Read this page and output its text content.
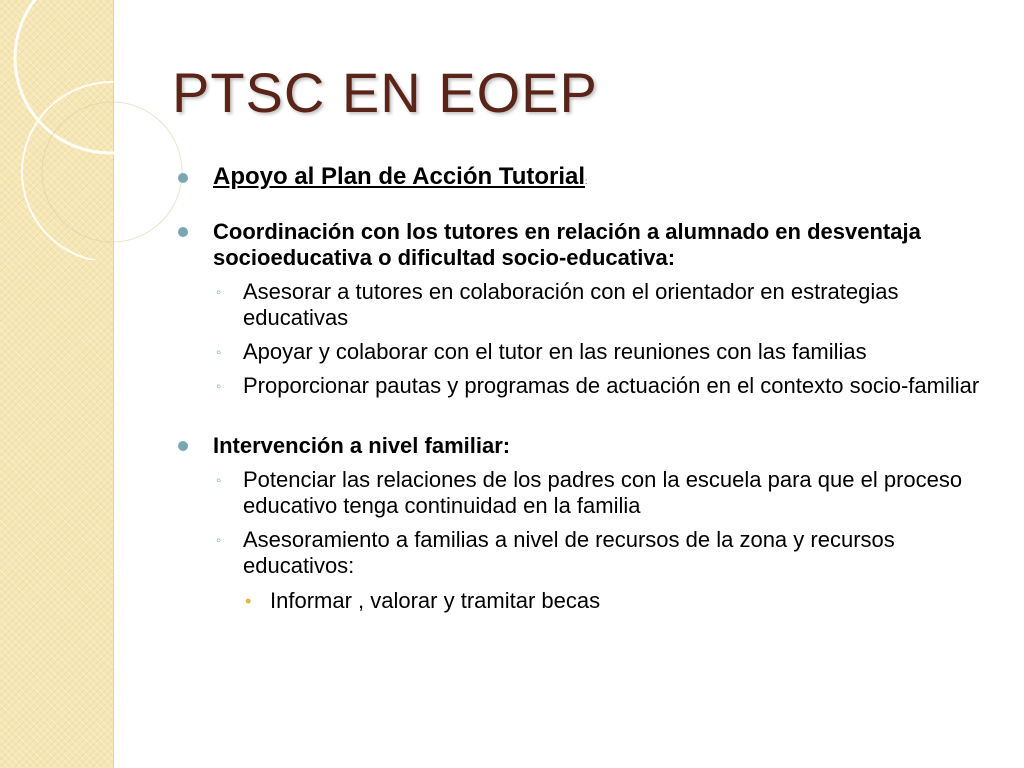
PTSC EN EOEP
Apoyo al Plan de Acción Tutorial:
Coordinación con los tutores en relación a alumnado en desventaja socioeducativa o dificultad socio-educativa:
◦ Asesorar a tutores en colaboración con el orientador en estrategias educativas
◦ Apoyar y colaborar con el tutor en las reuniones con las familias
◦ Proporcionar pautas y programas de actuación en el contexto socio-familiar
Intervención a nivel familiar:
◦ Potenciar las relaciones de los padres con la escuela para que el proceso educativo tenga continuidad en la familia
◦ Asesoramiento a familias a nivel de recursos de la zona y recursos educativos:
• Informar , valorar y tramitar becas
